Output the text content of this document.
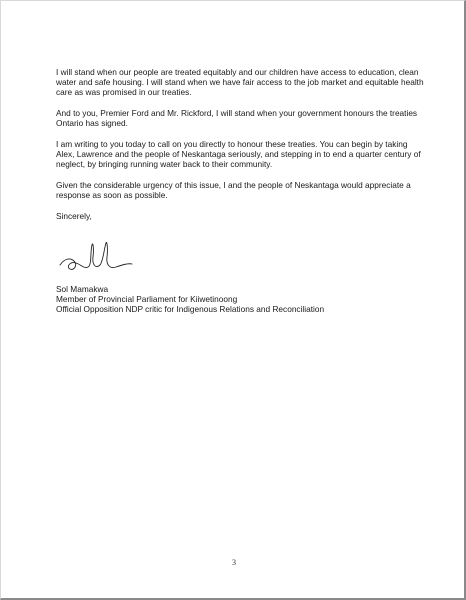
I will stand when our people are treated equitably and our children have access to education, clean water and safe housing. I will stand when we have fair access to the job market and equitable health care as was promised in our treaties.

And to you, Premier Ford and Mr. Rickford, I will stand when your government honours the treaties Ontario has signed.

I am writing to you today to call on you directly to honour these treaties. You can begin by taking Alex, Lawrence and the people of Neskantaga seriously, and stepping in to end a quarter century of neglect, by bringing running water back to their community.

Given the considerable urgency of this issue, I and the people of Neskantaga would appreciate a response as soon as possible.

Sincerely,

Sol Mamakwa
Member of Provincial Parliament for Kiiwetinoong
Official Opposition NDP critic for Indigenous Relations and Reconciliation
3
